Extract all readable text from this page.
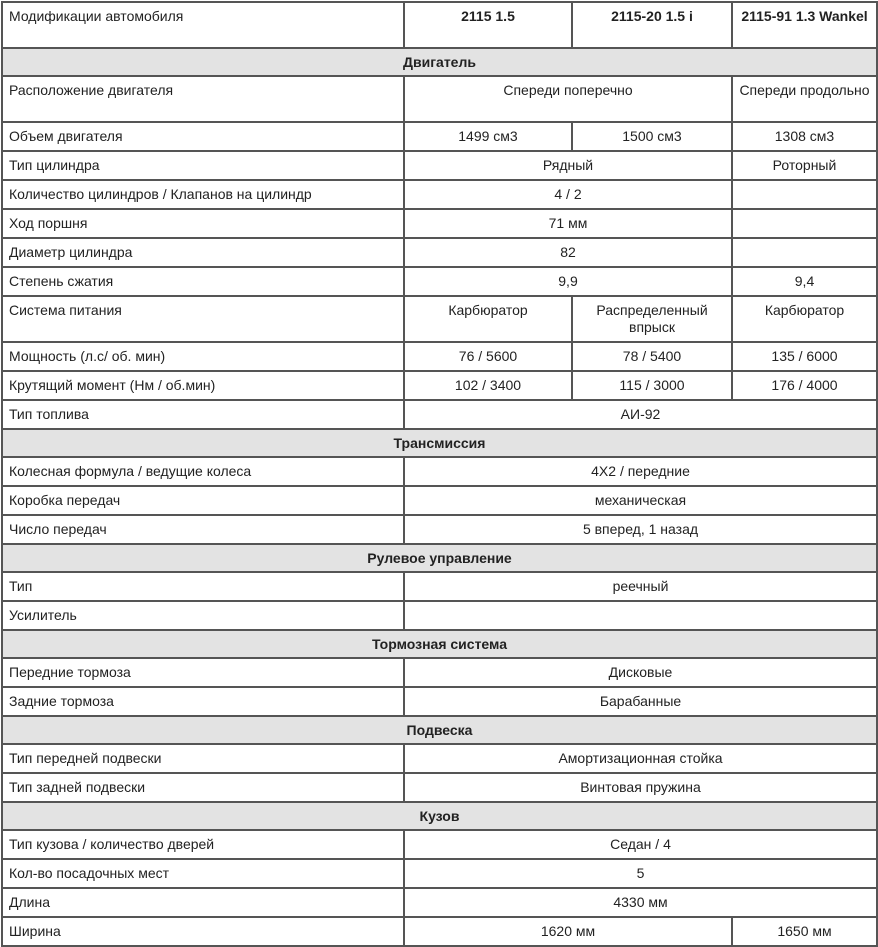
Модификации автомобиля	2115 1.5	2115-20 1.5 i	2115-91 1.3 Wankel
Двигатель			
Расположение двигателя	Спереди поперечно		Спереди продольно
Объем двигателя	1499 см3	1500 см3	1308 см3
Тип цилиндра	Рядный		Роторный
Количество цилиндров / Клапанов на цилиндр	4 / 2		
Ход поршня	71 мм		
Диаметр цилиндра	82		
Степень сжатия	9,9		9,4
Система питания	Карбюратор	Распределенный впрыск	Карбюратор
Мощность (л.с/ об. мин)	76 / 5600	78 / 5400	135 / 6000
Крутящий момент (Нм / об.мин)	102 / 3400	115 / 3000	176 / 4000
Тип топлива	АИ-92		
Трансмиссия			
Колесная формула / ведущие колеса	4X2 / передние		
Коробка передач	механическая		
Число передач	5 вперед, 1 назад		
Рулевое управление			
Тип	реечный		
Усилитель			
Тормозная система			
Передние тормоза	Дисковые		
Задние тормоза	Барабанные		
Подвеска			
Тип передней подвески	Амортизационная стойка		
Тип задней подвески	Винтовая пружина		
Кузов			
Тип кузова / количество дверей	Седан / 4		
Кол-во посадочных мест	5		
Длина	4330 мм		
Ширина	1620 мм		1650 мм
